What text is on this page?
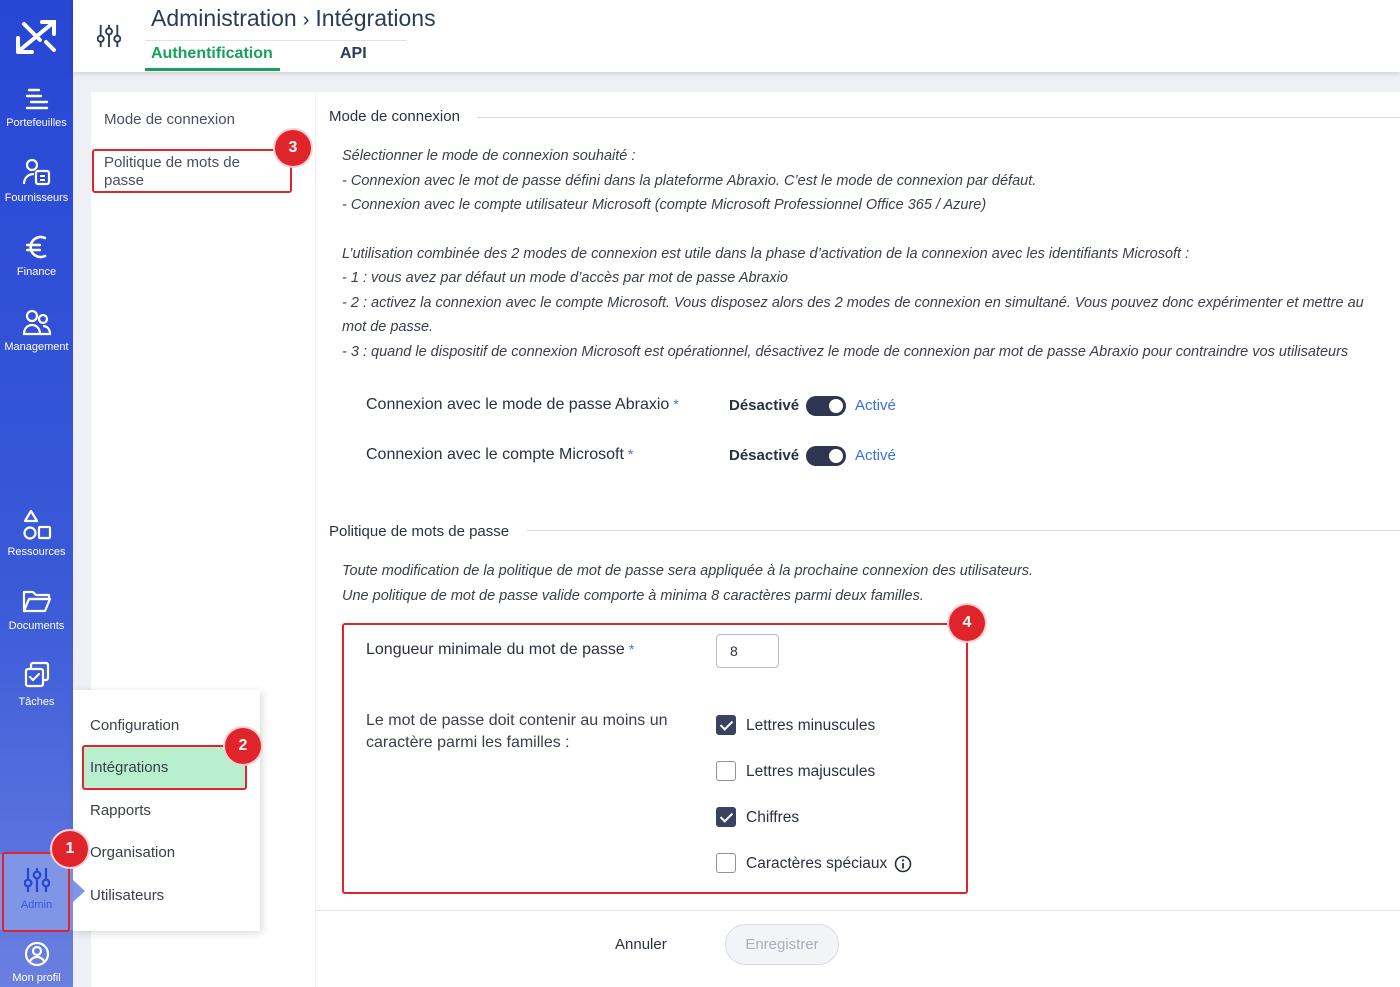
Portefeuilles
Fournisseurs
Finance
Management
Ressources
Documents
Tâches
Admin
Mon profil
Administration › Intégrations
Authentification	API
Mode de connexion
Politique de mots de passe
Mode de connexion
Sélectionner le mode de connexion souhaité :
- Connexion avec le mot de passe défini dans la plateforme Abraxio. C’est le mode de connexion par défaut.
- Connexion avec le compte utilisateur Microsoft (compte Microsoft Professionnel Office 365 / Azure)
L’utilisation combinée des 2 modes de connexion est utile dans la phase d’activation de la connexion avec les identifiants Microsoft :
- 1 : vous avez par défaut un mode d’accès par mot de passe Abraxio
- 2 : activez la connexion avec le compte Microsoft. Vous disposez alors des 2 modes de connexion en simultané. Vous pouvez donc expérimenter et mettre au
mot de passe.
- 3 : quand le dispositif de connexion Microsoft est opérationnel, désactivez le mode de connexion par mot de passe Abraxio pour contraindre vos utilisateurs
Connexion avec le mode de passe Abraxio *	Désactivé	Activé
Connexion avec le compte Microsoft *	Désactivé	Activé
Politique de mots de passe
Toute modification de la politique de mot de passe sera appliquée à la prochaine connexion des utilisateurs.
Une politique de mot de passe valide comporte à minima 8 caractères parmi deux familles.
Longueur minimale du mot de passe *	8
Le mot de passe doit contenir au moins un caractère parmi les familles :
Lettres minuscules
Lettres majuscules
Chiffres
Caractères spéciaux
Annuler	Enregistrer
Configuration
Intégrations
Rapports
Organisation
Utilisateurs
1
2
3
4
